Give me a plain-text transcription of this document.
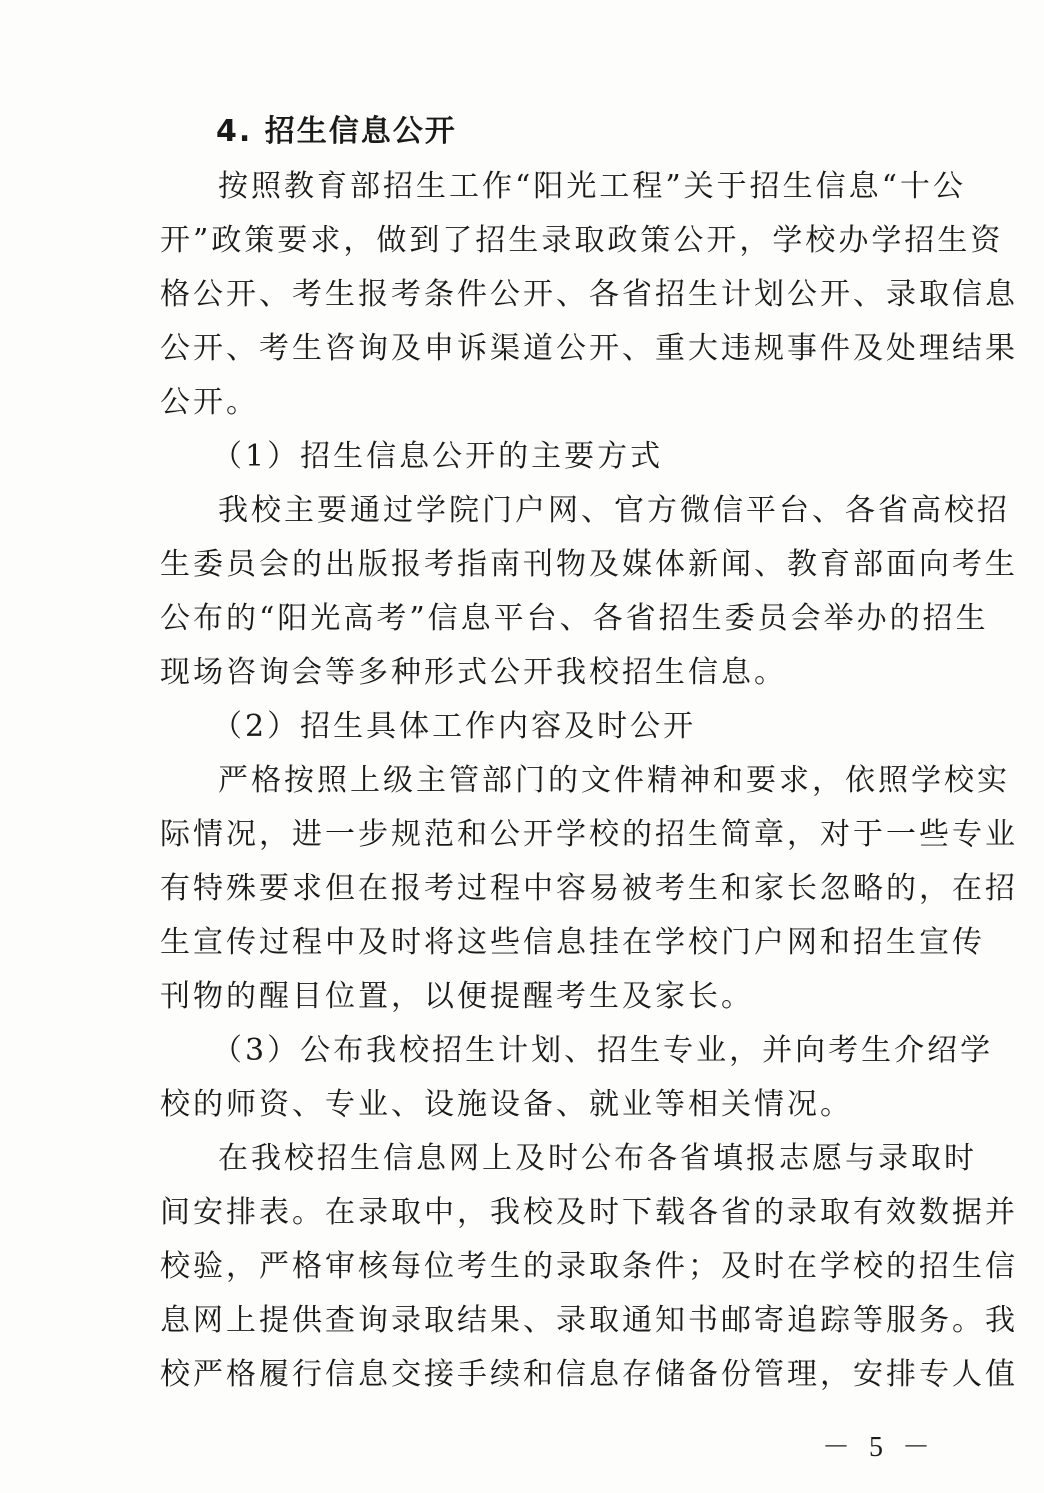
4. 招生信息公开
按照教育部招生工作“阳光工程”关于招生信息“十公
开”政策要求，做到了招生录取政策公开，学校办学招生资
格公开、考生报考条件公开、各省招生计划公开、录取信息
公开、考生咨询及申诉渠道公开、重大违规事件及处理结果
公开。
（1）招生信息公开的主要方式
我校主要通过学院门户网、官方微信平台、各省高校招
生委员会的出版报考指南刊物及媒体新闻、教育部面向考生
公布的“阳光高考”信息平台、各省招生委员会举办的招生
现场咨询会等多种形式公开我校招生信息。
（2）招生具体工作内容及时公开
严格按照上级主管部门的文件精神和要求，依照学校实
际情况，进一步规范和公开学校的招生简章，对于一些专业
有特殊要求但在报考过程中容易被考生和家长忽略的，在招
生宣传过程中及时将这些信息挂在学校门户网和招生宣传
刊物的醒目位置，以便提醒考生及家长。
（3）公布我校招生计划、招生专业，并向考生介绍学
校的师资、专业、设施设备、就业等相关情况。
在我校招生信息网上及时公布各省填报志愿与录取时
间安排表。在录取中，我校及时下载各省的录取有效数据并
校验，严格审核每位考生的录取条件；及时在学校的招生信
息网上提供查询录取结果、录取通知书邮寄追踪等服务。我
校严格履行信息交接手续和信息存储备份管理，安排专人值
－ 5 －
